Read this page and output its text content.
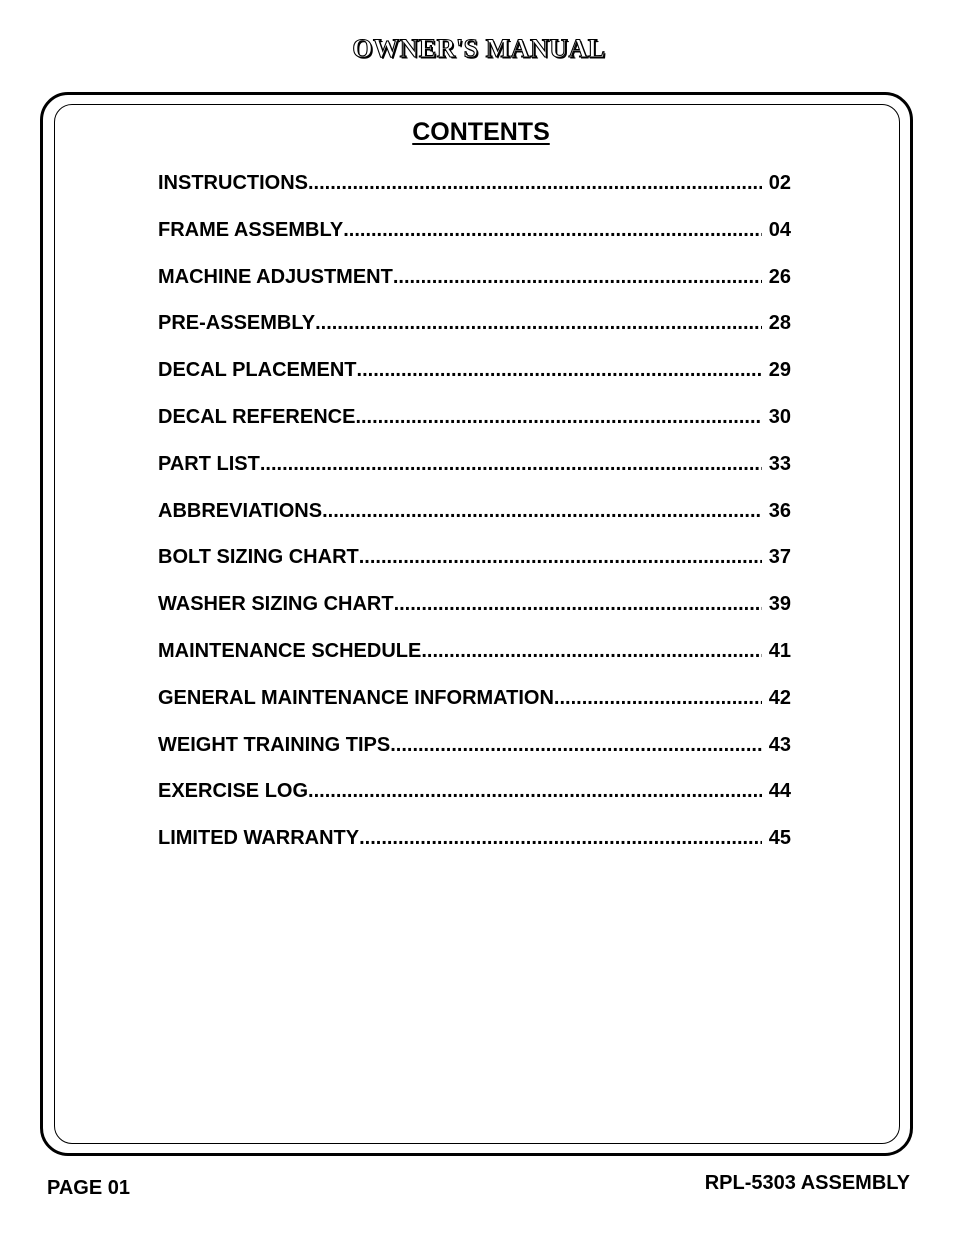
OWNER'S MANUAL
CONTENTS
INSTRUCTIONS .....	02
FRAME ASSEMBLY .....	04
MACHINE ADJUSTMENT .....	26
PRE-ASSEMBLY .....	28
DECAL PLACEMENT .....	29
DECAL REFERENCE .....	30
PART LIST .....	33
ABBREVIATIONS .....	36
BOLT SIZING CHART .....	37
WASHER SIZING CHART .....	39
MAINTENANCE SCHEDULE .....	41
GENERAL MAINTENANCE INFORMATION .....	42
WEIGHT TRAINING TIPS .....	43
EXERCISE LOG .....	44
LIMITED WARRANTY .....	45
PAGE 01	RPL-5303 ASSEMBLY
